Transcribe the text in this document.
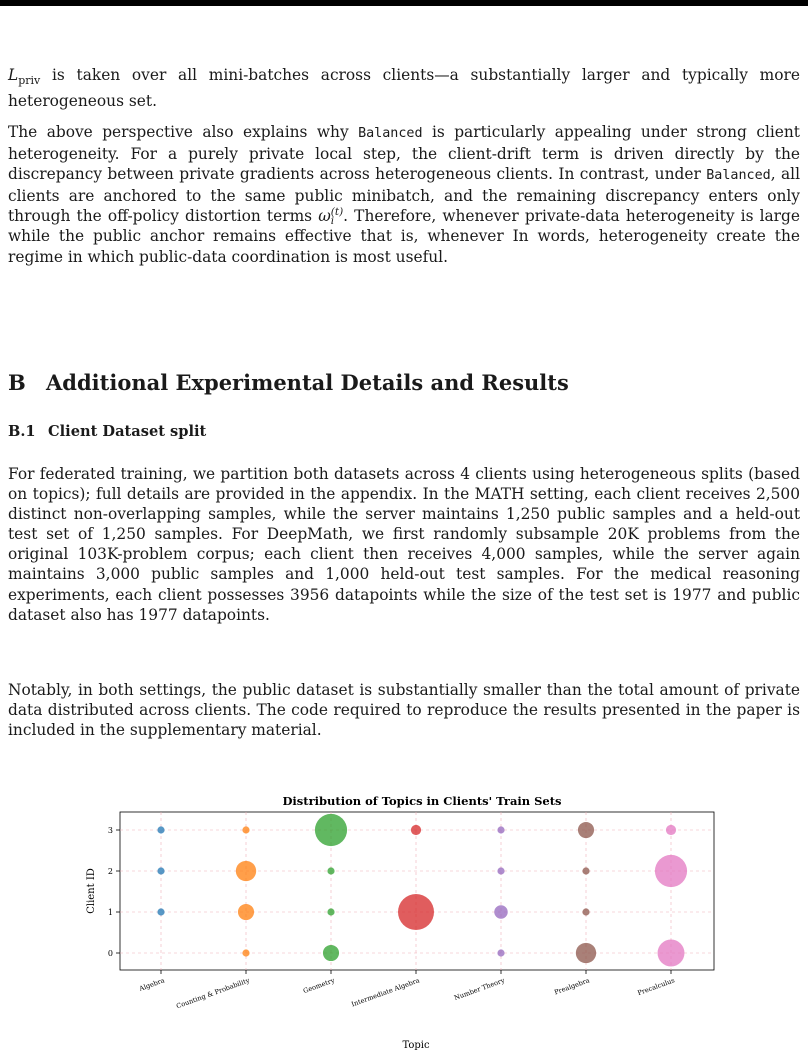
$L_{priv}$ is taken over all mini-batches across clients—a substantially larger and typically more heterogeneous set.

The above perspective also explains why Balanced is particularly appealing under strong client heterogeneity. For a purely private local step, the client-drift term is driven directly by the discrepancy between private gradients across heterogeneous clients. In contrast, under Balanced, all clients are anchored to the same public minibatch, and the remaining discrepancy enters only through the off-policy distortion terms ω (t)
i . Therefore, whenever private-data heterogeneity is large while the public anchor remains effective that is, whenever In words, heterogeneity create the regime in which public-data coordination is most useful.

B Additional Experimental Details and Results
B.1 Client Dataset split

For federated training, we partition both datasets across 4 clients using heterogeneous splits (based on topics); full details are provided in the appendix. In the MATH setting, each client receives 2,500 distinct non-overlapping samples, while the server maintains 1,250 public samples and a held-out test set of 1,250 samples. For DeepMath, we first randomly subsample 20K problems from the original 103K-problem corpus; each client then receives 4,000 samples, while the server again maintains 3,000 public samples and 1,000 held-out test samples. For the medical reasoning experiments, each client possesses 3956 datapoints while the size of the test set is 1977 and public dataset also has 1977 datapoints.

Notably, in both settings, the public dataset is substantially smaller than the total amount of private data distributed across clients. The code required to reproduce the results presented in the paper is included in the supplementary material.

Distribution of Topics in Clients' Train Sets
Algebra Counting & Probability	Geometry Intermediate Algebra	Number Theory	Prealgebra	Precalculus
0
1
2
3
Client ID
Topic
